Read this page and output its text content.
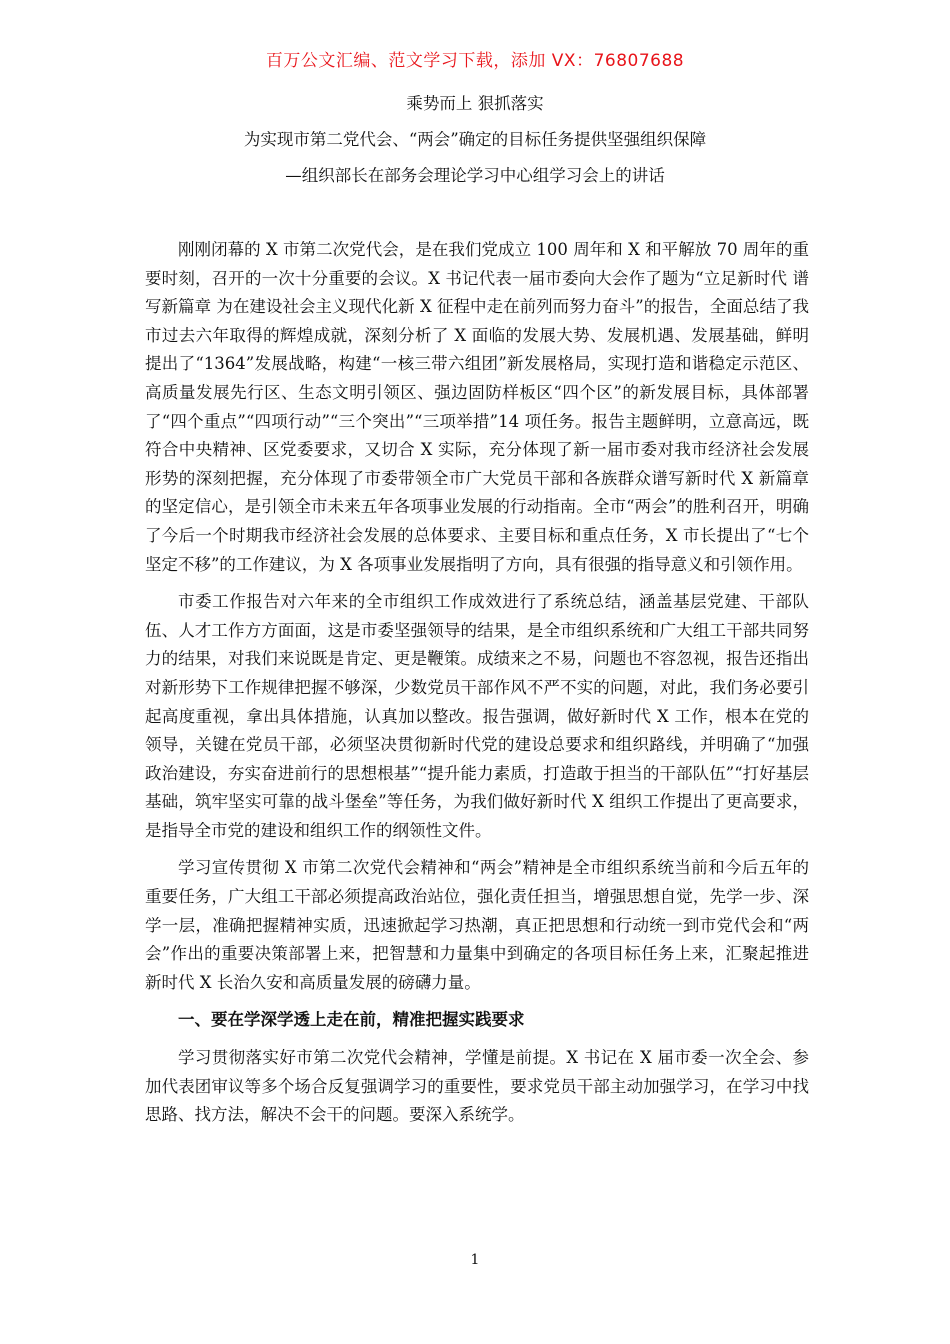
百万公文汇编、范文学习下载，添加 VX：76807688
乘势而上 狠抓落实
为实现市第二党代会、“两会”确定的目标任务提供坚强组织保障
—组织部长在部务会理论学习中心组学习会上的讲话

刚刚闭幕的 X 市第二次党代会，是在我们党成立 100 周年和 X 和平解放 70 周年的重要时刻，召开的一次十分重要的会议。X 书记代表一届市委向大会作了题为“立足新时代 谱写新篇章 为在建设社会主义现代化新 X 征程中走在前列而努力奋斗”的报告，全面总结了我市过去六年取得的辉煌成就，深刻分析了 X 面临的发展大势、发展机遇、发展基础，鲜明提出了“1364”发展战略，构建“一核三带六组团”新发展格局，实现打造和谐稳定示范区、高质量发展先行区、生态文明引领区、强边固防样板区“四个区”的新发展目标，具体部署了“四个重点”“四项行动”“三个突出”“三项举措”14 项任务。报告主题鲜明，立意高远，既符合中央精神、区党委要求，又切合 X 实际，充分体现了新一届市委对我市经济社会发展形势的深刻把握，充分体现了市委带领全市广大党员干部和各族群众谱写新时代 X 新篇章的坚定信心，是引领全市未来五年各项事业发展的行动指南。全市“两会”的胜利召开，明确了今后一个时期我市经济社会发展的总体要求、主要目标和重点任务，X 市长提出了“七个坚定不移”的工作建议，为 X 各项事业发展指明了方向，具有很强的指导意义和引领作用。

市委工作报告对六年来的全市组织工作成效进行了系统总结，涵盖基层党建、干部队伍、人才工作方方面面，这是市委坚强领导的结果，是全市组织系统和广大组工干部共同努力的结果，对我们来说既是肯定、更是鞭策。成绩来之不易，问题也不容忽视，报告还指出对新形势下工作规律把握不够深，少数党员干部作风不严不实的问题，对此，我们务必要引起高度重视，拿出具体措施，认真加以整改。报告强调，做好新时代 X 工作，根本在党的领导，关键在党员干部，必须坚决贯彻新时代党的建设总要求和组织路线，并明确了“加强政治建设，夯实奋进前行的思想根基”“提升能力素质，打造敢于担当的干部队伍”“打好基层基础，筑牢坚实可靠的战斗堡垒”等任务，为我们做好新时代 X 组织工作提出了更高要求，是指导全市党的建设和组织工作的纲领性文件。

学习宣传贯彻 X 市第二次党代会精神和“两会”精神是全市组织系统当前和今后五年的重要任务，广大组工干部必须提高政治站位，强化责任担当，增强思想自觉，先学一步、深学一层，准确把握精神实质，迅速掀起学习热潮，真正把思想和行动统一到市党代会和“两会”作出的重要决策部署上来，把智慧和力量集中到确定的各项目标任务上来，汇聚起推进新时代 X 长治久安和高质量发展的磅礴力量。

一、要在学深学透上走在前，精准把握实践要求

学习贯彻落实好市第二次党代会精神，学懂是前提。X 书记在 X 届市委一次全会、参加代表团审议等多个场合反复强调学习的重要性，要求党员干部主动加强学习，在学习中找思路、找方法，解决不会干的问题。要深入系统学。

1
